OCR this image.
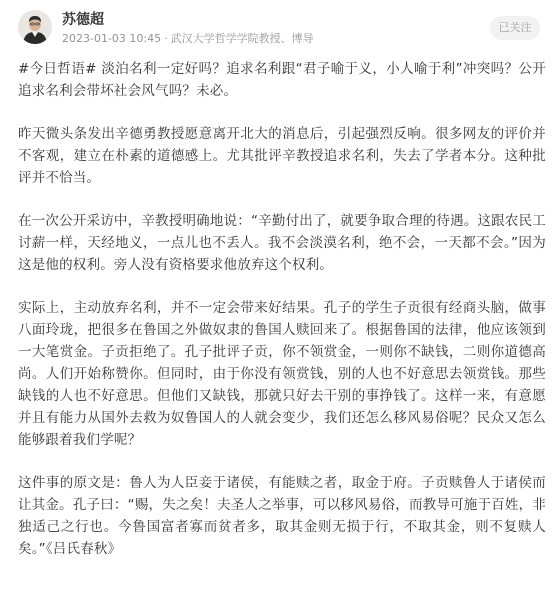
苏德超
2023-01-03 10:45 · 武汉大学哲学学院教授、博导
已关注

#今日哲语# 淡泊名利一定好吗？追求名利跟“君子喻于义，小人喻于利”冲突吗？公开追求名利会带坏社会风气吗？未必。

昨天微头条发出辛德勇教授愿意离开北大的消息后，引起强烈反响。很多网友的评价并不客观，建立在朴素的道德感上。尤其批评辛教授追求名利，失去了学者本分。这种批评并不恰当。

在一次公开采访中，辛教授明确地说：“辛勤付出了，就要争取合理的待遇。这跟农民工讨薪一样，天经地义，一点儿也不丢人。我不会淡漠名利，绝不会，一天都不会。”因为这是他的权利。旁人没有资格要求他放弃这个权利。

实际上，主动放弃名利，并不一定会带来好结果。孔子的学生子贡很有经商头脑，做事八面玲珑，把很多在鲁国之外做奴隶的鲁国人赎回来了。根据鲁国的法律，他应该领到一大笔赏金。子贡拒绝了。孔子批评子贡，你不领赏金，一则你不缺钱，二则你道德高尚。人们开始称赞你。但同时，由于你没有领赏钱，别的人也不好意思去领赏钱。那些缺钱的人也不好意思。但他们又缺钱，那就只好去干别的事挣钱了。这样一来，有意愿并且有能力从国外去救为奴鲁国人的人就会变少，我们还怎么移风易俗呢？民众又怎么能够跟着我们学呢？

这件事的原文是：鲁人为人臣妾于诸侯，有能赎之者，取金于府。子贡赎鲁人于诸侯而让其金。孔子曰：“赐，失之矣！夫圣人之举事，可以移风易俗，而教导可施于百姓，非独适己之行也。今鲁国富者寡而贫者多，取其金则无损于行，不取其金，则不复赎人矣。”《吕氏春秋》
